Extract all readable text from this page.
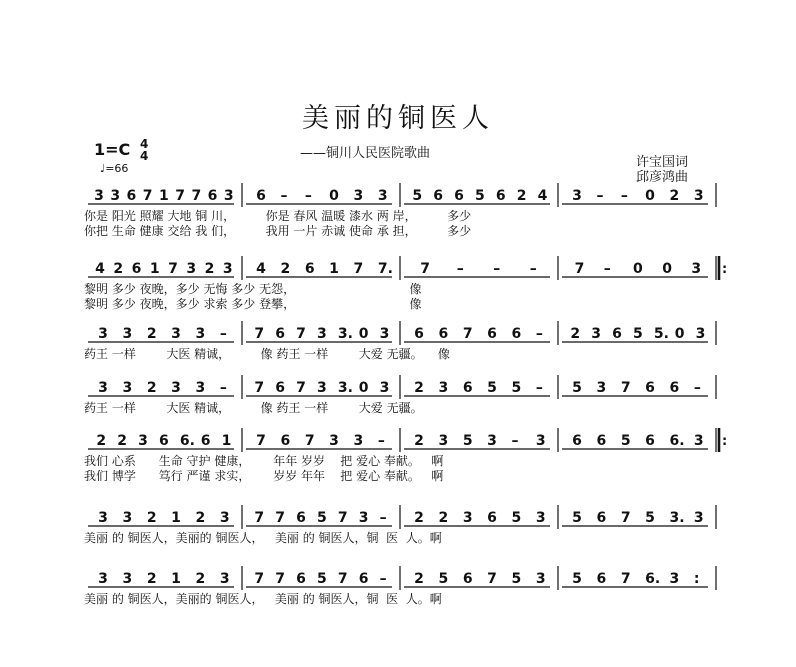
美丽的铜医人
——铜川人民医院歌曲
1=C 4
4
♩=66	许宝国词
邱彦鸿曲
3 3 6 7 1 7 7 6 3 6 – – 0 3 3 5 6 6 5 6 2 4 3 – – 0 2 3
4 2 6 1 7 3 2 3 4 2 6 1 7 7. 7 – – –	7 – 0 0 3 :
3 3 2 3 3 – 7 6 7 3 3. 0 3 6 6 7 6 6 – 2 3 6 5 5. 0 3
3 3 2 3 3 – 7 6 7 3 3. 0 3 2 3 6 5 5 – 5 3 7 6 6 –
2 2 3 6 6. 6 1 7 6 7 3 3 – 2 3 5 3 – 3 6 6 5 6 6. 3 :
3 3 2 1 2 3 7 7 6 5 7 3 – 2 2 3 6 5 3 5 6 7 5 3. 3
3 3 2 1 2 3 7 7 6 5 7 6 – 2 5 6 7 5 3 5 6 7 6. 3 :
你是 阳光 照耀 大地 铜 川，        你是 春风 温暖 漆水 两 岸，        多少
你把 生命 健康 交给 我 们，        我用 一片 赤诚 使命 承 担，        多少
黎明 多少 夜晚，多少 无悔 多少 无怨，                              像
黎明 多少 夜晚，多少 求索 多少 登攀，                              像
药王 一样        大医 精诚，        像 药王 一样        大爱 无疆。    像
药王 一样        大医 精诚，        像 药王 一样        大爱 无疆。
我们 心系      生命 守护 健康，      年年 岁岁    把 爱心 奉献。   啊
我们 博学      笃行 严谨 求实，      岁岁 年年    把 爱心 奉献。   啊
美丽 的 铜医人，美丽的 铜医人，   美丽 的 铜医人，铜  医  人。啊
美丽 的 铜医人，美丽的 铜医人，   美丽 的 铜医人，铜  医  人。啊
